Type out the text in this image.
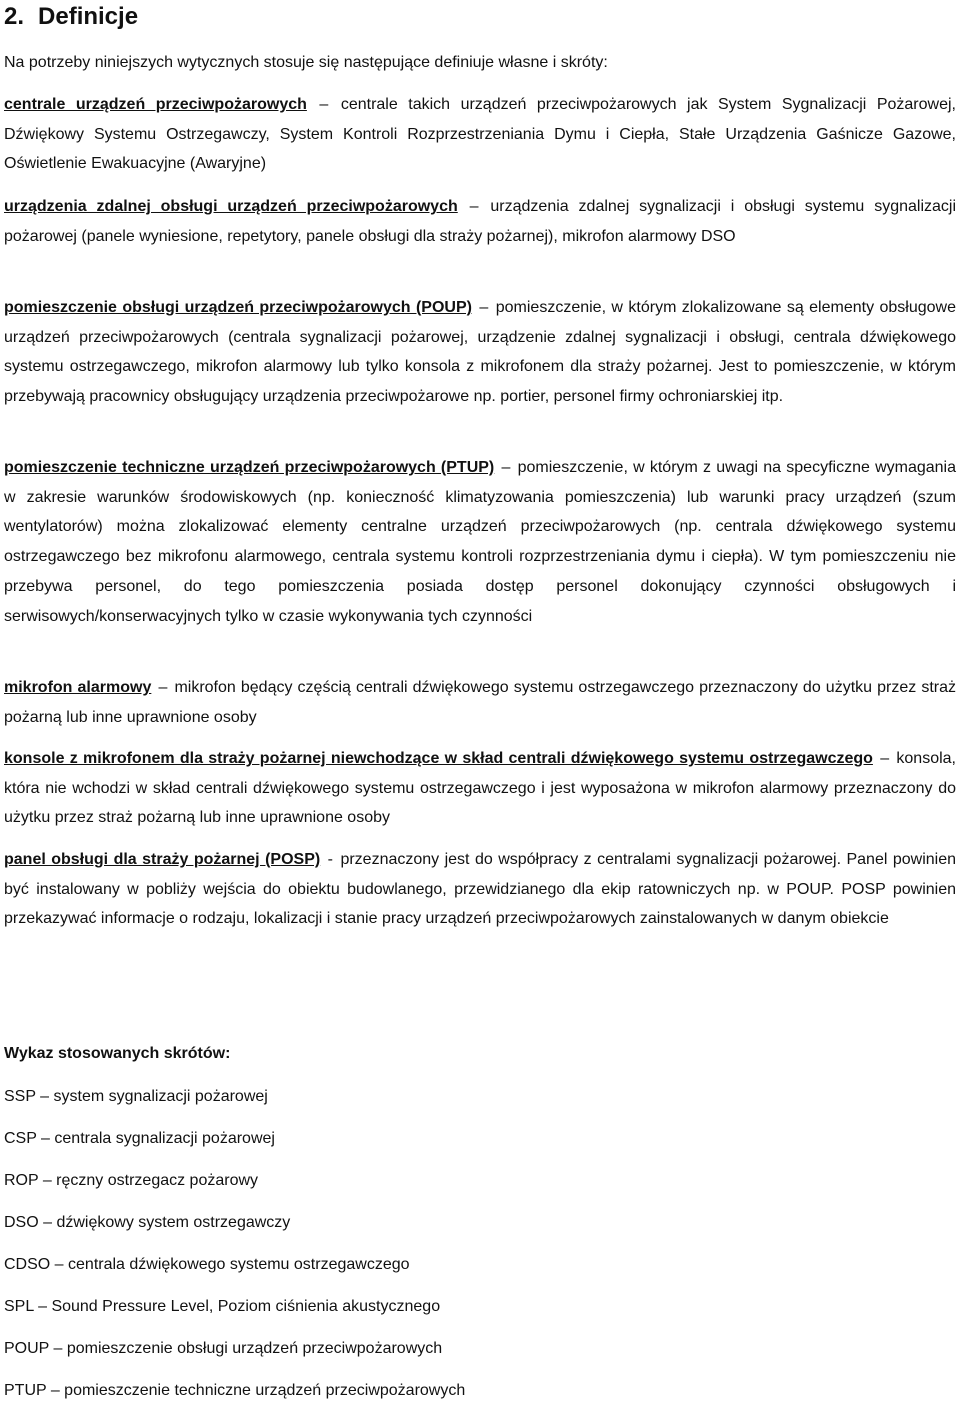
2. Definicje

Na potrzeby niniejszych wytycznych stosuje się następujące definiuje własne i skróty:

centrale urządzeń przeciwpożarowych – centrale takich urządzeń przeciwpożarowych jak System Sygnalizacji Pożarowej, Dźwiękowy Systemu Ostrzegawczy, System Kontroli Rozprzestrzeniania Dymu i Ciepła, Stałe Urządzenia Gaśnicze Gazowe, Oświetlenie Ewakuacyjne (Awaryjne)

urządzenia zdalnej obsługi urządzeń przeciwpożarowych – urządzenia zdalnej sygnalizacji i obsługi systemu sygnalizacji pożarowej (panele wyniesione, repetytory, panele obsługi dla straży pożarnej), mikrofon alarmowy DSO

pomieszczenie obsługi urządzeń przeciwpożarowych (POUP) – pomieszczenie, w którym zlokalizowane są elementy obsługowe urządzeń przeciwpożarowych (centrala sygnalizacji pożarowej, urządzenie zdalnej sygnalizacji i obsługi, centrala dźwiękowego systemu ostrzegawczego, mikrofon alarmowy lub tylko konsola z mikrofonem dla straży pożarnej. Jest to pomieszczenie, w którym przebywają pracownicy obsługujący urządzenia przeciwpożarowe np. portier, personel firmy ochroniarskiej itp.

pomieszczenie techniczne urządzeń przeciwpożarowych (PTUP) – pomieszczenie, w którym z uwagi na specyficzne wymagania w zakresie warunków środowiskowych (np. konieczność klimatyzowania pomieszczenia) lub warunki pracy urządzeń (szum wentylatorów) można zlokalizować elementy centralne urządzeń przeciwpożarowych (np. centrala dźwiękowego systemu ostrzegawczego bez mikrofonu alarmowego, centrala systemu kontroli rozprzestrzeniania dymu i ciepła). W tym pomieszczeniu nie przebywa personel, do tego pomieszczenia posiada dostęp personel dokonujący czynności obsługowych i serwisowych/konserwacyjnych tylko w czasie wykonywania tych czynności

mikrofon alarmowy – mikrofon będący częścią centrali dźwiękowego systemu ostrzegawczego przeznaczony do użytku przez straż pożarną lub inne uprawnione osoby

konsole z mikrofonem dla straży pożarnej niewchodzące w skład centrali dźwiękowego systemu ostrzegawczego – konsola, która nie wchodzi w skład centrali dźwiękowego systemu ostrzegawczego i jest wyposażona w mikrofon alarmowy przeznaczony do użytku przez straż pożarną lub inne uprawnione osoby

panel obsługi dla straży pożarnej (POSP) - przeznaczony jest do współpracy z centralami sygnalizacji pożarowej. Panel powinien być instalowany w pobliży wejścia do obiektu budowlanego, przewidzianego dla ekip ratowniczych np. w POUP. POSP powinien przekazywać informacje o rodzaju, lokalizacji i stanie pracy urządzeń przeciwpożarowych zainstalowanych w danym obiekcie

Wykaz stosowanych skrótów:

SSP – system sygnalizacji pożarowej
CSP – centrala sygnalizacji pożarowej
ROP – ręczny ostrzegacz pożarowy
DSO – dźwiękowy system ostrzegawczy
CDSO – centrala dźwiękowego systemu ostrzegawczego
SPL – Sound Pressure Level, Poziom ciśnienia akustycznego
POUP – pomieszczenie obsługi urządzeń przeciwpożarowych
PTUP – pomieszczenie techniczne urządzeń przeciwpożarowych
